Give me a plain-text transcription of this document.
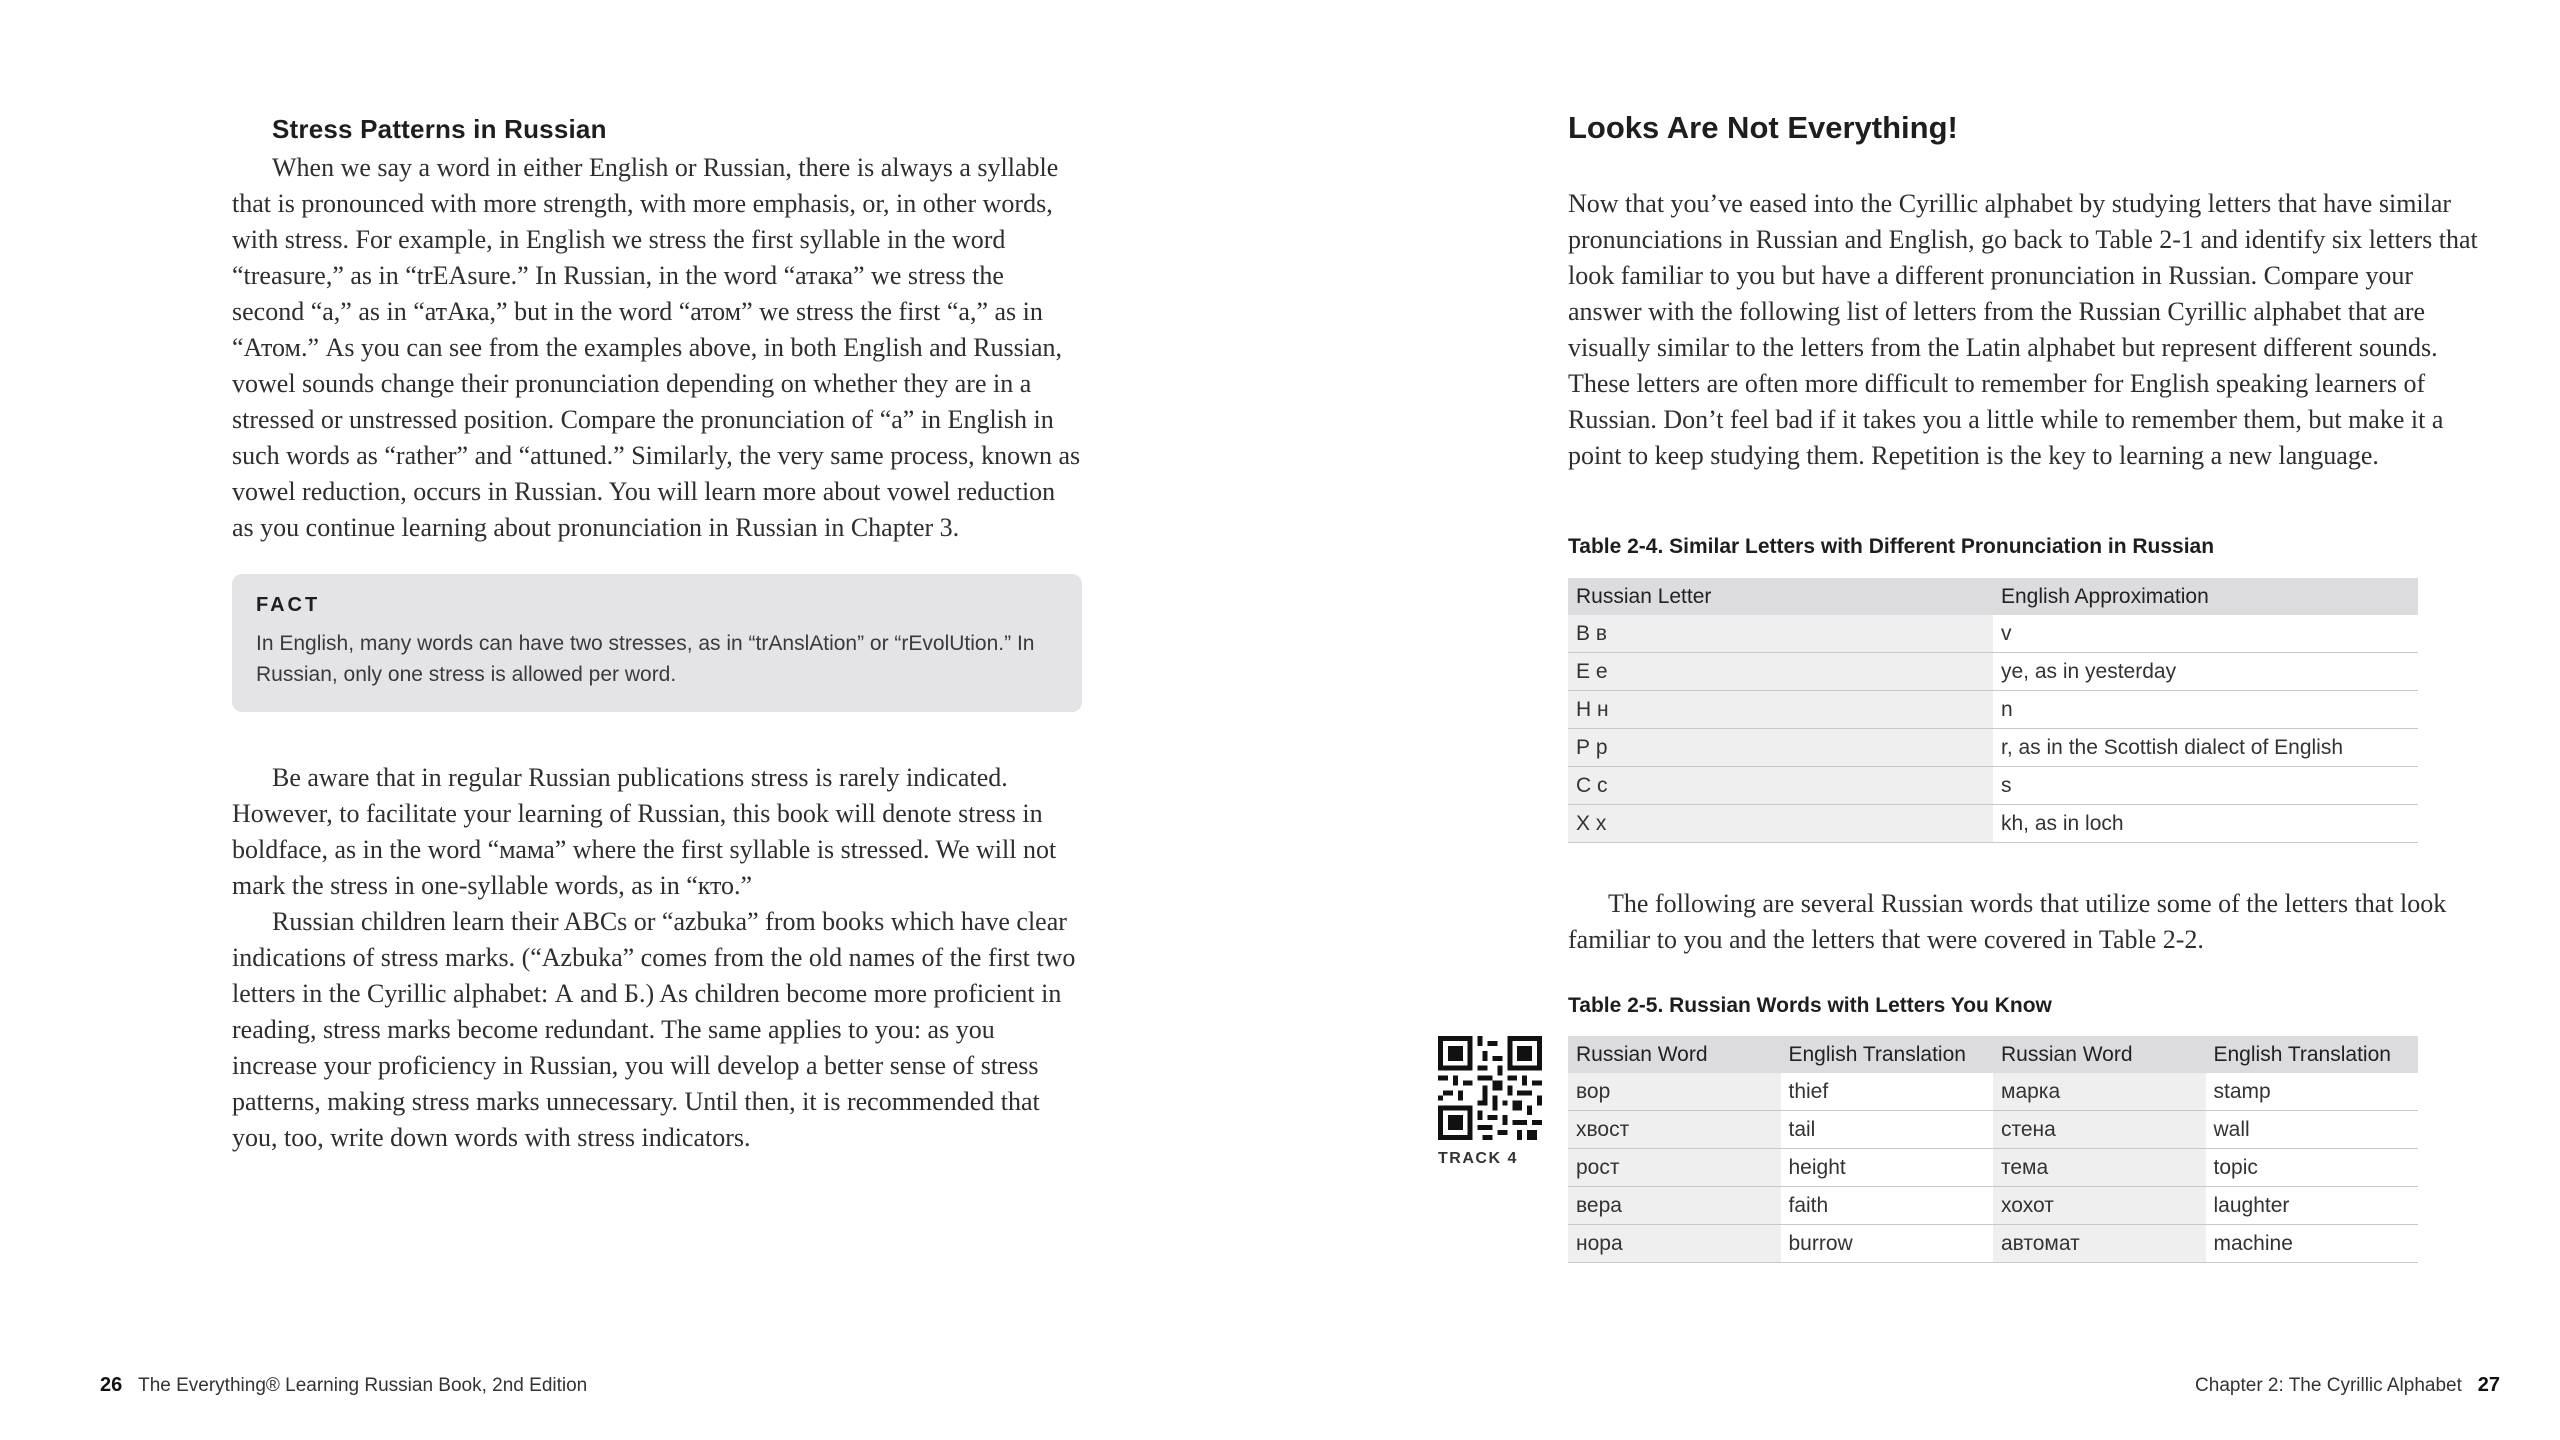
Stress Patterns in Russian

When we say a word in either English or Russian, there is always a syllable that is pronounced with more strength, with more emphasis, or, in other words, with stress. For example, in English we stress the first syllable in the word “treasure,” as in “trEAsure.” In Russian, in the word “атака” we stress the second “a,” as in “атАка,” but in the word “атом” we stress the first “a,” as in “Атом.” As you can see from the examples above, in both English and Russian, vowel sounds change their pronunciation depending on whether they are in a stressed or unstressed position. Compare the pronunciation of “a” in English in such words as “rather” and “attuned.” Similarly, the very same process, known as vowel reduction, occurs in Russian. You will learn more about vowel reduction as you continue learning about pronunciation in Russian in Chapter 3.

FACT
In English, many words can have two stresses, as in “trAnslAtion” or “rEvolUtion.” In Russian, only one stress is allowed per word.

Be aware that in regular Russian publications stress is rarely indicated. However, to facilitate your learning of Russian, this book will denote stress in boldface, as in the word “мама” where the first syllable is stressed. We will not mark the stress in one-syllable words, as in “кто.”

Russian children learn their ABCs or “azbuka” from books which have clear indications of stress marks. (“Azbuka” comes from the old names of the first two letters in the Cyrillic alphabet: А and Б.) As children become more proficient in reading, stress marks become redundant. The same applies to you: as you increase your proficiency in Russian, you will develop a better sense of stress patterns, making stress marks unnecessary. Until then, it is recommended that you, too, write down words with stress indicators.

26 The Everything® Learning Russian Book, 2nd Edition
Looks Are Not Everything!

Now that you’ve eased into the Cyrillic alphabet by studying letters that have similar pronunciations in Russian and English, go back to Table 2-1 and identify six letters that look familiar to you but have a different pronunciation in Russian. Compare your answer with the following list of letters from the Russian Cyrillic alphabet that are visually similar to the letters from the Latin alphabet but represent different sounds. These letters are often more difficult to remember for English speaking learners of Russian. Don’t feel bad if it takes you a little while to remember them, but make it a point to keep studying them. Repetition is the key to learning a new language.

Table 2-4. Similar Letters with Different Pronunciation in Russian
Russian Letter	English Approximation
В в	v
Е е	ye, as in yesterday
Н н	n
Р р	r, as in the Scottish dialect of English
С с	s
Х х	kh, as in loch

The following are several Russian words that utilize some of the letters that look familiar to you and the letters that were covered in Table 2-2.

TRACK 4
Table 2-5. Russian Words with Letters You Know
Russian Word	English Translation	Russian Word	English Translation
вор	thief	марка	stamp
хвост	tail	стена	wall
рост	height	тема	topic
вера	faith	хохот	laughter
нора	burrow	автомат	machine
Chapter 2: The Cyrillic Alphabet 27
